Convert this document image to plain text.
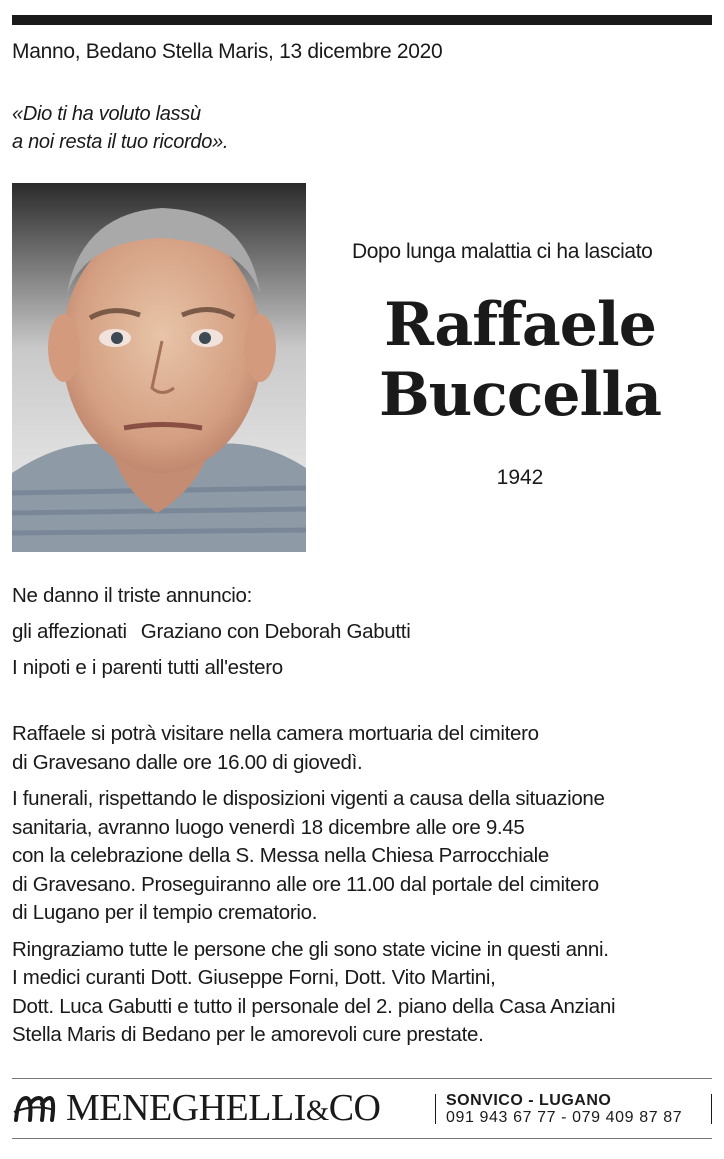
Manno, Bedano Stella Maris, 13 dicembre 2020
«Dio ti ha voluto lassù
a noi resta il tuo ricordo».
Dopo lunga malattia ci ha lasciato
Raffaele
Buccella
1942
Ne danno il triste annuncio:
gli affezionati Graziano con Deborah Gabutti
I nipoti e i parenti tutti all'estero

Raffaele si potrà visitare nella camera mortuaria del cimitero
di Gravesano dalle ore 16.00 di giovedì.

I funerali, rispettando le disposizioni vigenti a causa della situazione
sanitaria, avranno luogo venerdì 18 dicembre alle ore 9.45
con la celebrazione della S. Messa nella Chiesa Parrocchiale
di Gravesano. Proseguiranno alle ore 11.00 dal portale del cimitero
di Lugano per il tempio crematorio.

Ringraziamo tutte le persone che gli sono state vicine in questi anni.
I medici curanti Dott. Giuseppe Forni, Dott. Vito Martini,
Dott. Luca Gabutti e tutto il personale del 2. piano della Casa Anziani
Stella Maris di Bedano per le amorevoli cure prestate.

MENEGHELLI&CO	SONVICO - LUGANO
091 943 67 77 - 079 409 87 87
